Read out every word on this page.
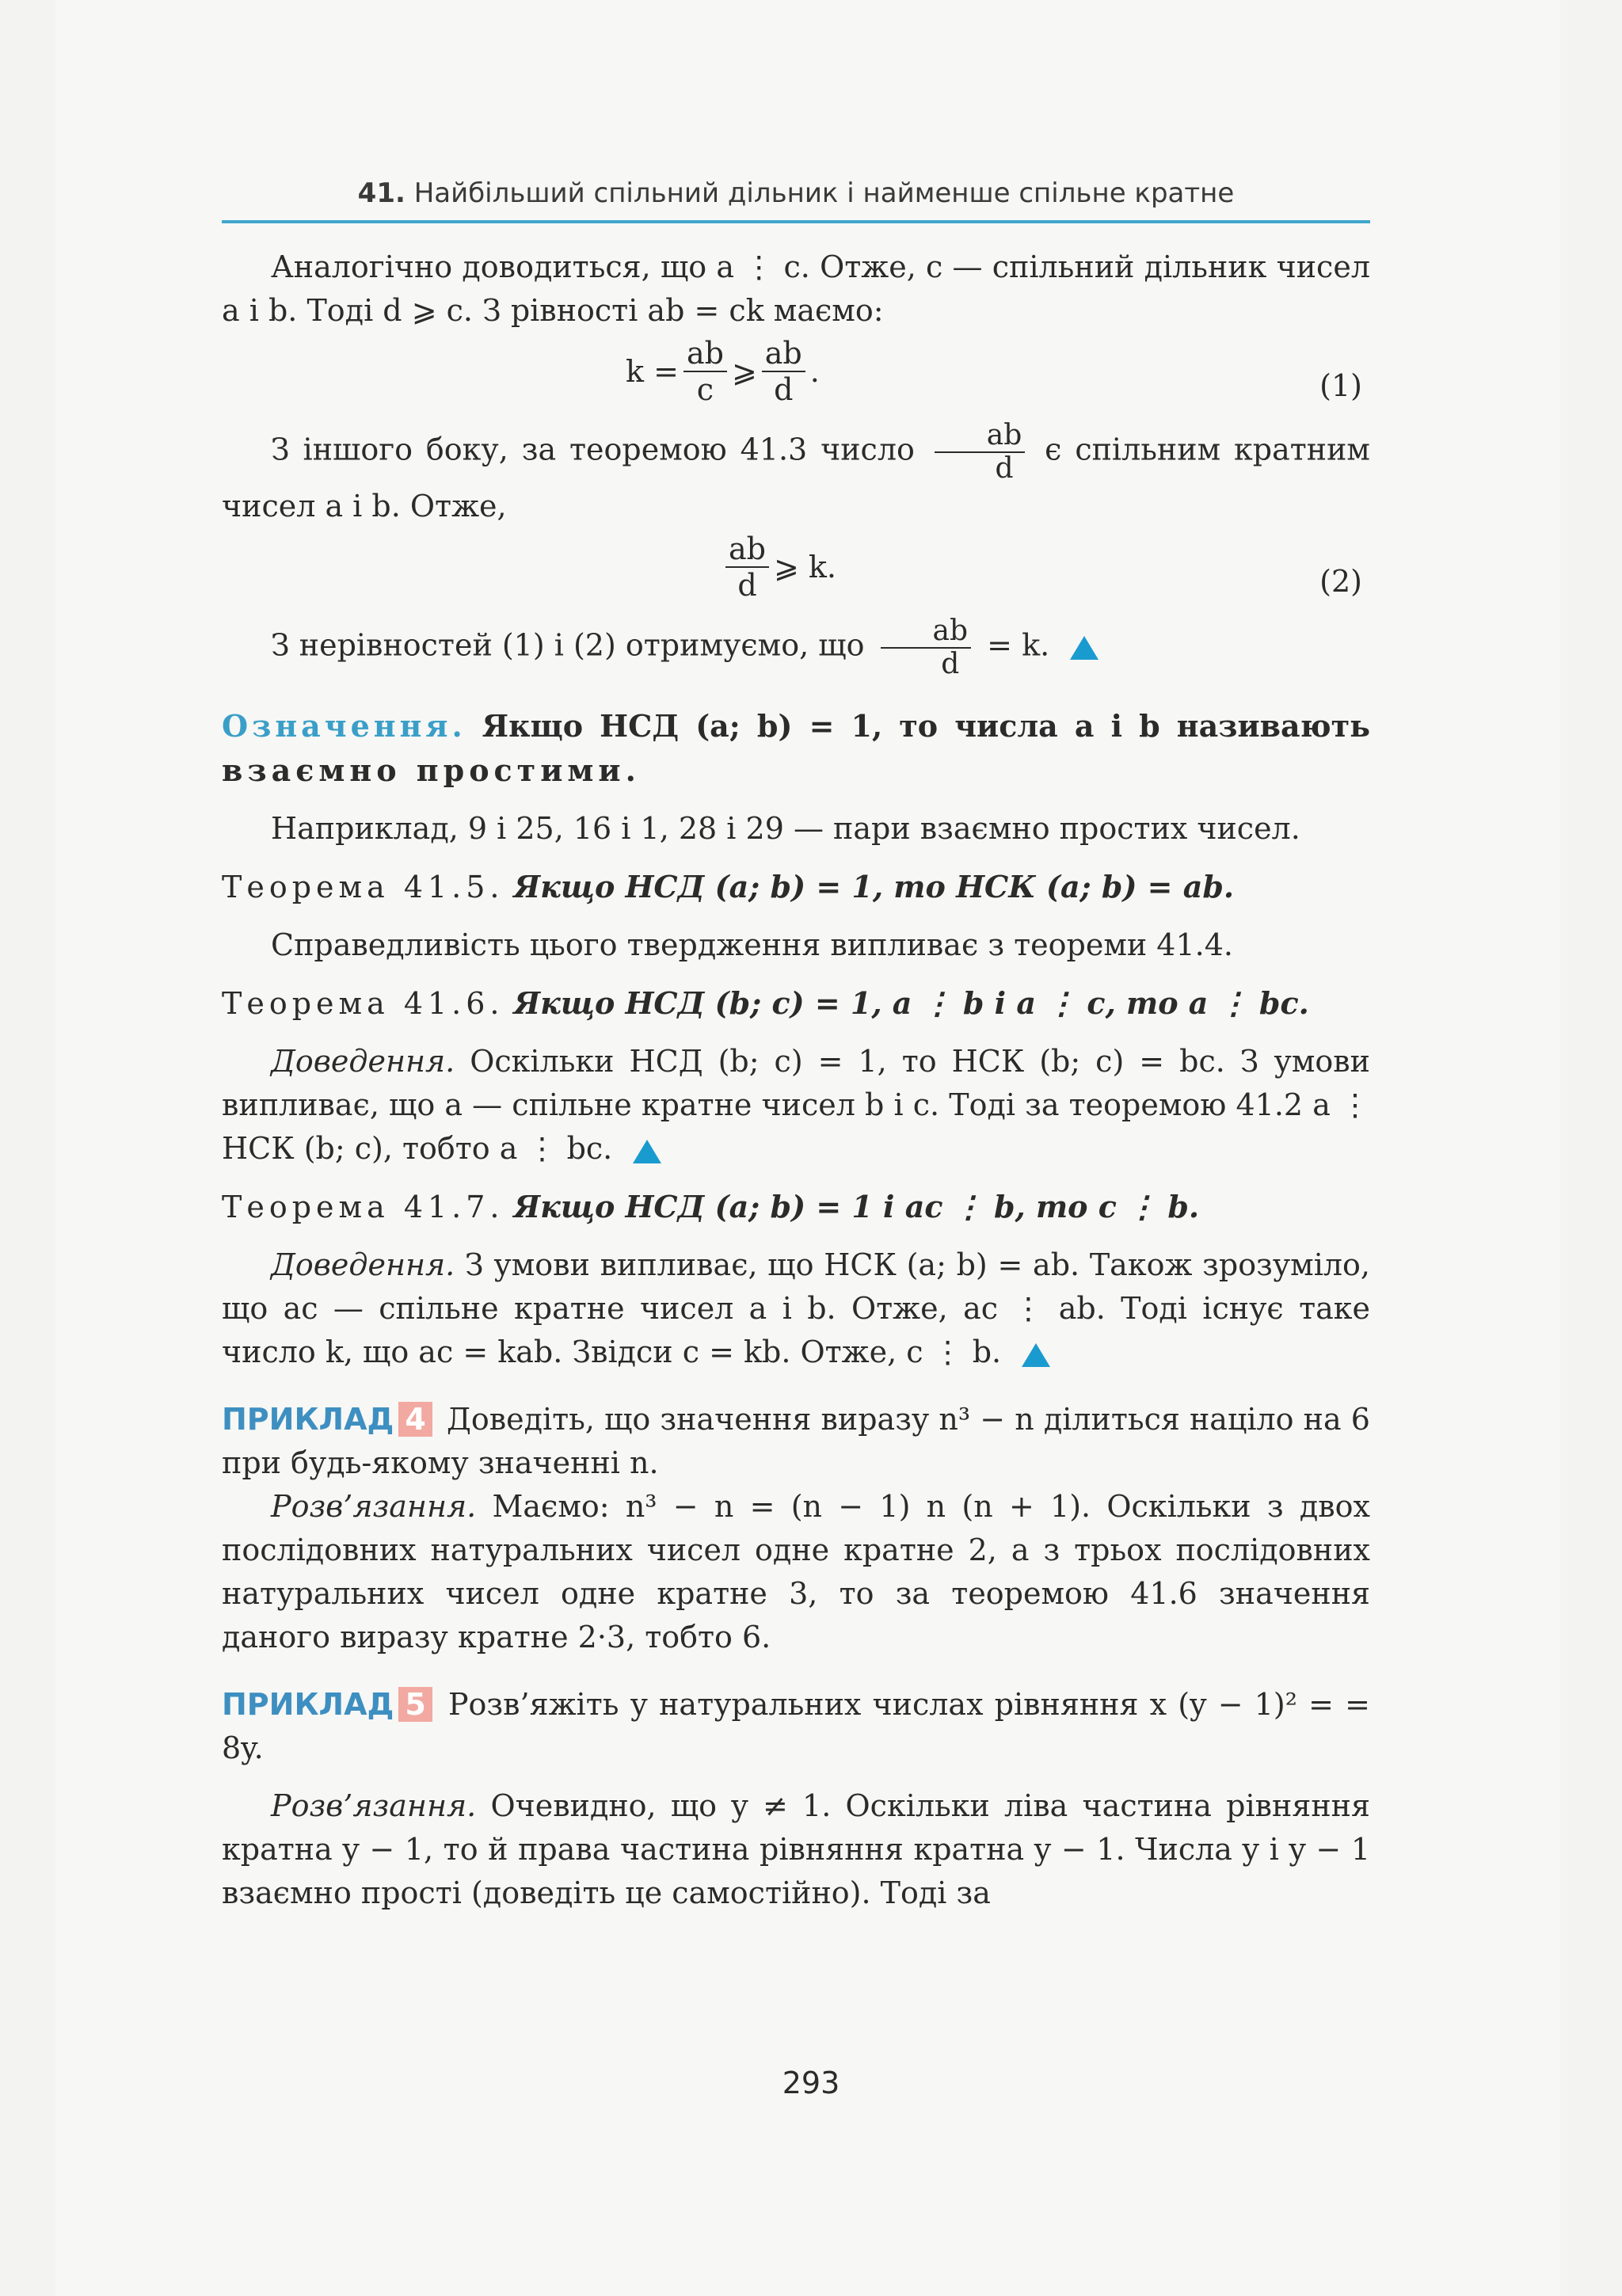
41. Найбільший спільний дільник і найменше спільне кратне

Аналогічно доводиться, що a ⋮ c. Отже, c — спільний дільник чисел a і b. Тоді d ⩾ c. З рівності ab = ck маємо:

$k = \frac{ab}{c}$ ⩾ $\frac{ab}{d}$ .	(1)

З іншого боку, за теоремою 41.3 число $\frac{ab}{d}$ є спільним кратним чисел a і b. Отже,

$\frac{ab}{d}$ ⩾ k.	(2)

З нерівностей (1) і (2) отримуємо, що $\frac{ab}{d} = k$.

Означення. Якщо НСД (a; b) = 1, то числа a і b називають взаємно простими.

Наприклад, 9 і 25, 16 і 1, 28 і 29 — пари взаємно простих чисел.

Теорема 41.5. Якщо НСД (a; b) = 1, то НСК (a; b) = ab.

Справедливість цього твердження випливає з теореми 41.4.

Теорема 41.6. Якщо НСД (b; c) = 1, a ⋮ b і a ⋮ c, то a ⋮ bc.

Доведення. Оскільки НСД (b; c) = 1, то НСК (b; c) = bc. З умови випливає, що a — спільне кратне чисел b і c. Тоді за теоремою 41.2 a ⋮ НСК (b; c), тобто a ⋮ bc.

Теорема 41.7. Якщо НСД (a; b) = 1 і ac ⋮ b, то c ⋮ b.

Доведення. З умови випливає, що НСК (a; b) = ab. Також зрозуміло, що ac — спільне кратне чисел a і b. Отже, ac ⋮ ab. Тоді існує таке число k, що ac = kab. Звідси c = kb. Отже, c ⋮ b.

ПРИКЛАД 4 Доведіть, що значення виразу n³ − n ділиться націло на 6 при будь-якому значенні n.

Розв’язання. Маємо: n³ − n = (n − 1) n (n + 1). Оскільки з двох послідовних натуральних чисел одне кратне 2, а з трьох послідовних натуральних чисел одне кратне 3, то за теоремою 41.6 значення даного виразу кратне 2·3, тобто 6.

ПРИКЛАД 5 Розв’яжіть у натуральних числах рівняння x (y − 1)² = = 8y.

Розв’язання. Очевидно, що y ≠ 1. Оскільки ліва частина рівняння кратна y − 1, то й права частина рівняння кратна y − 1. Числа y і y − 1 взаємно прості (доведіть це самостійно). Тоді за

293
